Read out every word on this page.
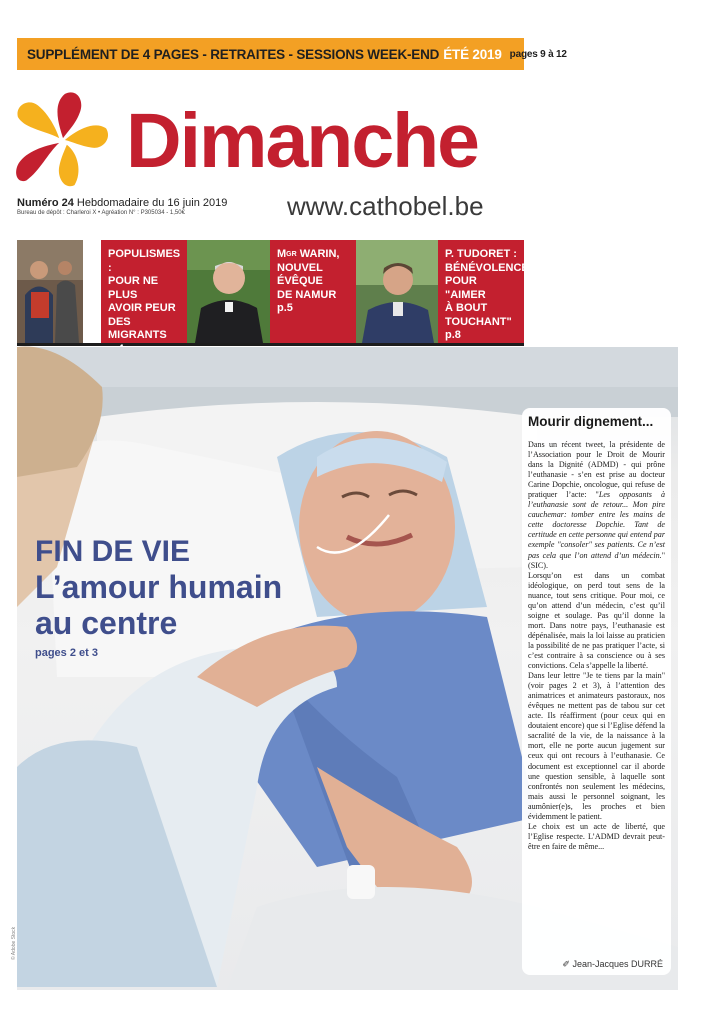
SUPPLÉMENT DE 4 PAGES - RETRAITES - SESSIONS WEEK-END ÉTÉ 2019 pages 9 à 12
Dimanche
Numéro 24 Hebdomadaire du 16 juin 2019
Bureau de dépôt : Charleroi X • Agréation N° : P305034 - 1,50€	www.cathobel.be
POPULISMES :
POUR NE PLUS
AVOIR PEUR
DES MIGRANTS
$M^{GR}$ WARIN,
NOUVEL
ÉVÊQUE
DE NAMUR
p.5
P. TUDORET :
BÉNÉVOLENCE,
POUR "AIMER
À BOUT
TOUCHANT"
p.8
FIN DE VIE
L’amour humain
au centre
pages 2 et 3
© Adobe Stock
Mourir dignement...

Dans un récent tweet, la présidente de l’Association pour le Droit de Mourir dans la Dignité (ADMD) - qui prône l’euthanasie - s’en est prise au docteur Carine Dopchie, oncologue, qui refuse de pratiquer l’acte: "Les opposants à l’euthanasie sont de retour... Mon pire cauchemar: tomber entre les mains de cette doctoresse Dopchie. Tant de certitude en cette personne qui entend par exemple "consoler" ses patients. Ce n’est pas cela que l’on attend d’un médecin." (SIC).

Lorsqu’on est dans un combat idéologique, on perd tout sens de la nuance, tout sens critique. Pour moi, ce qu’on attend d’un médecin, c’est qu’il soigne et soulage. Pas qu’il donne la mort. Dans notre pays, l’euthanasie est dépénalisée, mais la loi laisse au praticien la possibilité de ne pas pratiquer l’acte, si c’est contraire à sa conscience ou à ses convictions. Cela s’appelle la liberté.

Dans leur lettre "Je te tiens par la main" (voir pages 2 et 3), à l’attention des animatrices et animateurs pastoraux, nos évêques ne mettent pas de tabou sur cet acte. Ils réaffirment (pour ceux qui en doutaient encore) que si l’Eglise défend la sacralité de la vie, de la naissance à la mort, elle ne porte aucun jugement sur ceux qui ont recours à l’euthanasie. Ce document est exceptionnel car il aborde une question sensible, à laquelle sont confrontés non seulement les médecins, mais aussi le personnel soignant, les aumônier(e)s, les proches et bien évidemment le patient.

Le choix est un acte de liberté, que l’Eglise respecte. L’ADMD devrait peut-être en faire de même...

✐ Jean-Jacques DURRÉ
